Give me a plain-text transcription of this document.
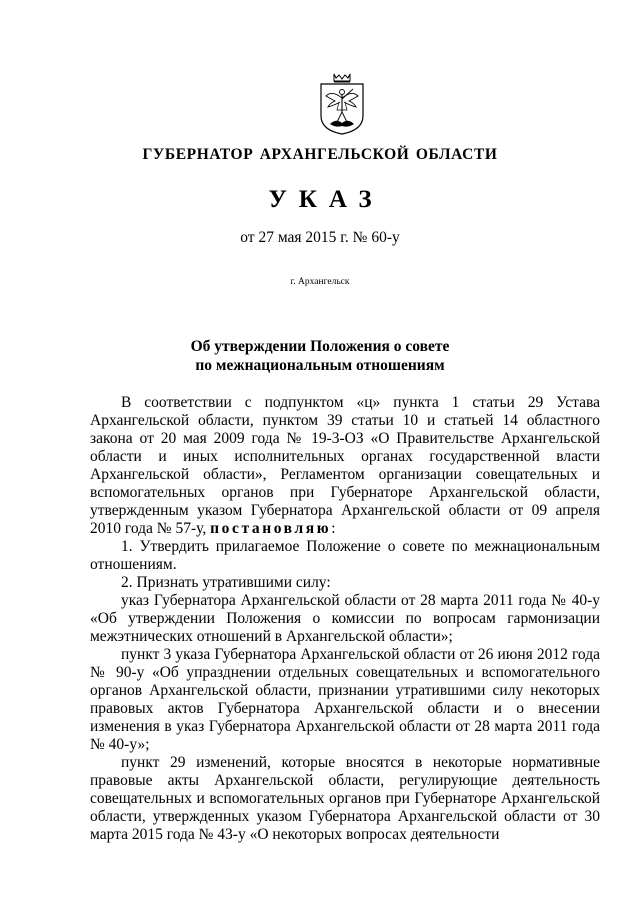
ГУБЕРНАТОР АРХАНГЕЛЬСКОЙ ОБЛАСТИ
УКАЗ
от 27 мая 2015 г. № 60-у
г. Архангельск
Об утверждении Положения о совете
по межнациональным отношениям

В соответствии с подпунктом «ц» пункта 1 статьи 29 Устава Архангельской области, пунктом 39 статьи 10 и статьей 14 областного закона от 20 мая 2009 года № 19-3-ОЗ «О Правительстве Архангельской области и иных исполнительных органах государственной власти Архангельской области», Регламентом организации совещательных и вспомогательных органов при Губернаторе Архангельской области, утвержденным указом Губернатора Архангельской области от 09 апреля 2010 года № 57-у, постановляю:

1. Утвердить прилагаемое Положение о совете по межнациональным отношениям.

2. Признать утратившими силу:

указ Губернатора Архангельской области от 28 марта 2011 года № 40-у «Об утверждении Положения о комиссии по вопросам гармонизации межэтнических отношений в Архангельской области»;

пункт 3 указа Губернатора Архангельской области от 26 июня 2012 года № 90-у «Об упразднении отдельных совещательных и вспомогательного органов Архангельской области, признании утратившими силу некоторых правовых актов Губернатора Архангельской области и о внесении изменения в указ Губернатора Архангельской области от 28 марта 2011 года № 40-у»;

пункт 29 изменений, которые вносятся в некоторые нормативные правовые акты Архангельской области, регулирующие деятельность совещательных и вспомогательных органов при Губернаторе Архангельской области, утвержденных указом Губернатора Архангельской области от 30 марта 2015 года № 43-у «О некоторых вопросах деятельности
